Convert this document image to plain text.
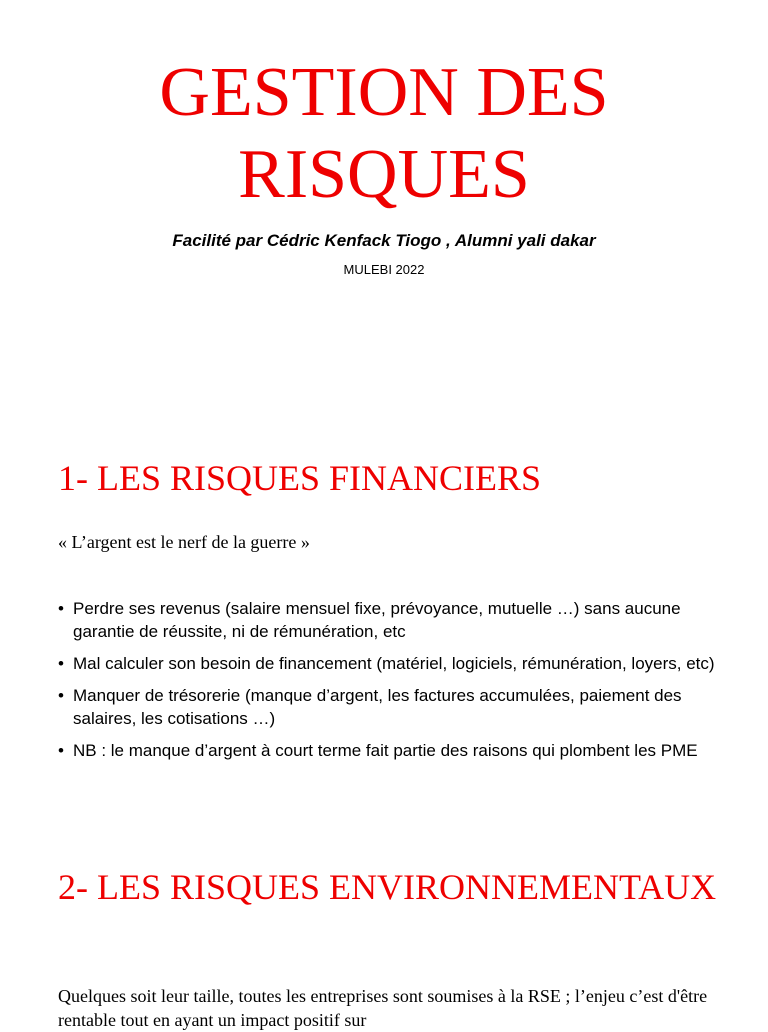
GESTION DES
RISQUES
Facilité par Cédric Kenfack Tiogo , Alumni yali dakar
MULEBI 2022
1- LES RISQUES FINANCIERS
« L’argent est le nerf de la guerre »
• Perdre ses revenus (salaire mensuel fixe, prévoyance, mutuelle …) sans aucune garantie de réussite, ni de rémunération, etc
• Mal calculer son besoin de financement (matériel, logiciels, rémunération, loyers, etc)
• Manquer de trésorerie (manque d’argent, les factures accumulées, paiement des salaires, les cotisations …)
• NB : le manque d’argent à court terme fait partie des raisons qui plombent les PME
2- LES RISQUES ENVIRONNEMENTAUX
Quelques soit leur taille, toutes les entreprises sont soumises à la RSE ; l’enjeu c’est d'être rentable tout en ayant un impact positif sur
